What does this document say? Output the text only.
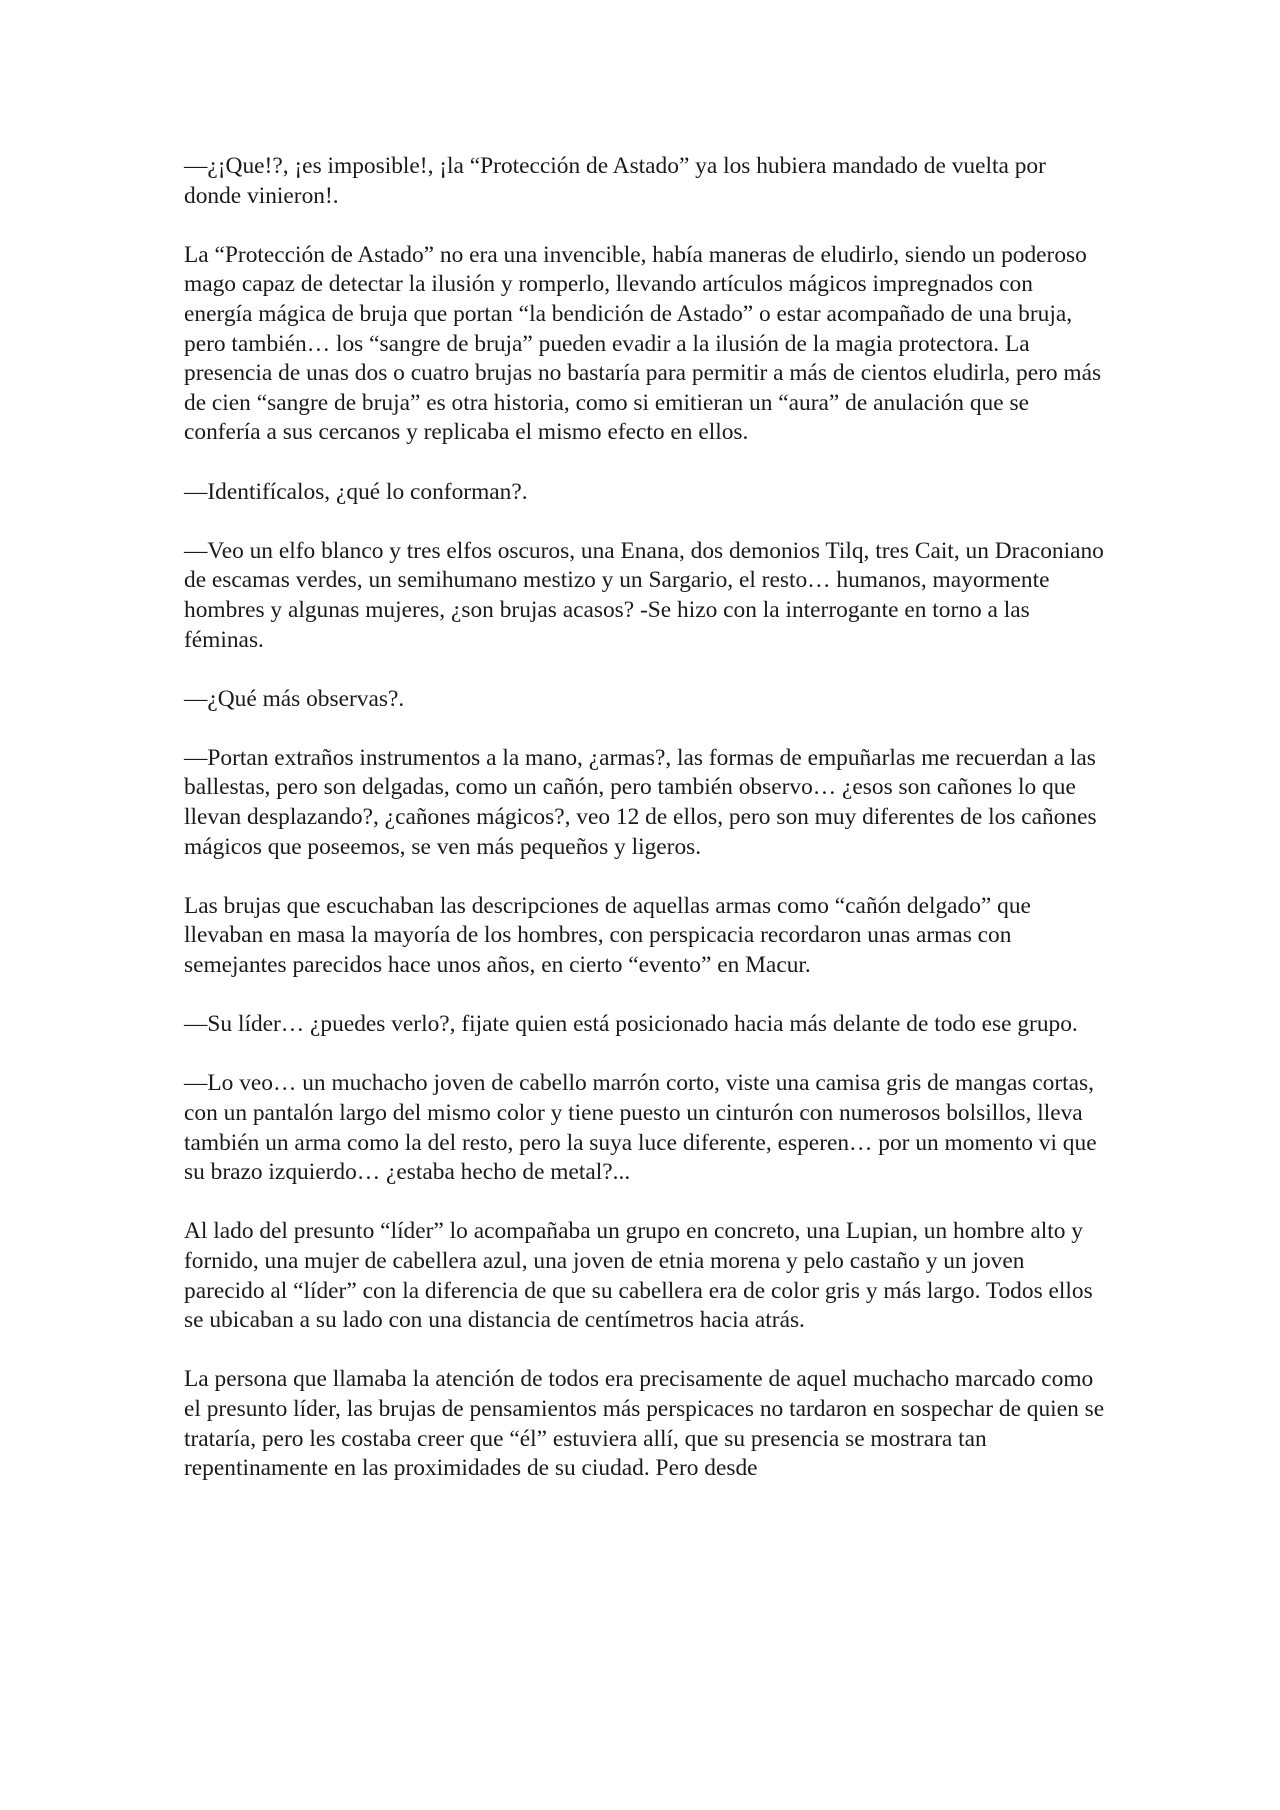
—¿¡Que!?, ¡es imposible!, ¡la “Protección de Astado” ya los hubiera mandado de vuelta por donde vinieron!.

La “Protección de Astado” no era una invencible, había maneras de eludirlo, siendo un poderoso mago capaz de detectar la ilusión y romperlo, llevando artículos mágicos impregnados con energía mágica de bruja que portan “la bendición de Astado” o estar acompañado de una bruja, pero también… los “sangre de bruja” pueden evadir a la ilusión de la magia protectora. La presencia de unas dos o cuatro brujas no bastaría para permitir a más de cientos eludirla, pero más de cien “sangre de bruja” es otra historia, como si emitieran un “aura” de anulación que se confería a sus cercanos y replicaba el mismo efecto en ellos.

—Identifícalos, ¿qué lo conforman?.

—Veo un elfo blanco y tres elfos oscuros, una Enana, dos demonios Tilq, tres Cait, un Draconiano de escamas verdes, un semihumano mestizo y un Sargario, el resto… humanos, mayormente hombres y algunas mujeres, ¿son brujas acasos? -Se hizo con la interrogante en torno a las féminas.

—¿Qué más observas?.

—Portan extraños instrumentos a la mano, ¿armas?, las formas de empuñarlas me recuerdan a las ballestas, pero son delgadas, como un cañón, pero también observo… ¿esos son cañones lo que llevan desplazando?, ¿cañones mágicos?, veo 12 de ellos, pero son muy diferentes de los cañones mágicos que poseemos, se ven más pequeños y ligeros.

Las brujas que escuchaban las descripciones de aquellas armas como “cañón delgado” que llevaban en masa la mayoría de los hombres, con perspicacia recordaron unas armas con semejantes parecidos hace unos años, en cierto “evento” en Macur.

—Su líder… ¿puedes verlo?, fijate quien está posicionado hacia más delante de todo ese grupo.

—Lo veo… un muchacho joven de cabello marrón corto, viste una camisa gris de mangas cortas, con un pantalón largo del mismo color y tiene puesto un cinturón con numerosos bolsillos, lleva también un arma como la del resto, pero la suya luce diferente, esperen… por un momento vi que su brazo izquierdo… ¿estaba hecho de metal?...

Al lado del presunto “líder” lo acompañaba un grupo en concreto, una Lupian, un hombre alto y fornido, una mujer de cabellera azul, una joven de etnia morena y pelo castaño y un joven parecido al “líder” con la diferencia de que su cabellera era de color gris y más largo. Todos ellos se ubicaban a su lado con una distancia de centímetros hacia atrás.

La persona que llamaba la atención de todos era precisamente de aquel muchacho marcado como el presunto líder, las brujas de pensamientos más perspicaces no tardaron en sospechar de quien se trataría, pero les costaba creer que “él” estuviera allí, que su presencia se mostrara tan repentinamente en las proximidades de su ciudad. Pero desde
